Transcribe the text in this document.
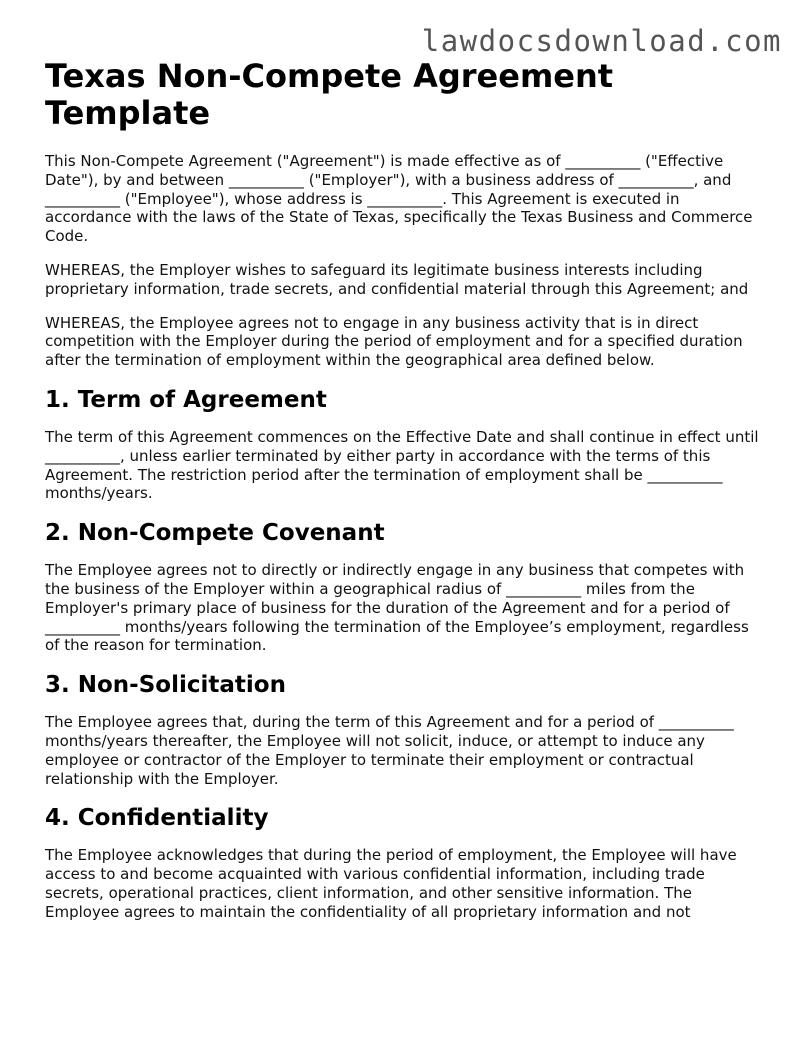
lawdocsdownload.com
Texas Non-Compete Agreement Template

This Non-Compete Agreement ("Agreement") is made effective as of __________ ("Effective Date"), by and between __________ ("Employer"), with a business address of __________, and __________ ("Employee"), whose address is __________. This Agreement is executed in accordance with the laws of the State of Texas, specifically the Texas Business and Commerce Code.

WHEREAS, the Employer wishes to safeguard its legitimate business interests including proprietary information, trade secrets, and confidential material through this Agreement; and

WHEREAS, the Employee agrees not to engage in any business activity that is in direct competition with the Employer during the period of employment and for a specified duration after the termination of employment within the geographical area defined below.

1. Term of Agreement

The term of this Agreement commences on the Effective Date and shall continue in effect until __________, unless earlier terminated by either party in accordance with the terms of this Agreement. The restriction period after the termination of employment shall be __________ months/years.

2. Non-Compete Covenant

The Employee agrees not to directly or indirectly engage in any business that competes with the business of the Employer within a geographical radius of __________ miles from the Employer's primary place of business for the duration of the Agreement and for a period of __________ months/years following the termination of the Employee’s employment, regardless of the reason for termination.

3. Non-Solicitation

The Employee agrees that, during the term of this Agreement and for a period of __________ months/years thereafter, the Employee will not solicit, induce, or attempt to induce any employee or contractor of the Employer to terminate their employment or contractual relationship with the Employer.

4. Confidentiality

The Employee acknowledges that during the period of employment, the Employee will have access to and become acquainted with various confidential information, including trade secrets, operational practices, client information, and other sensitive information. The Employee agrees to maintain the confidentiality of all proprietary information and not
